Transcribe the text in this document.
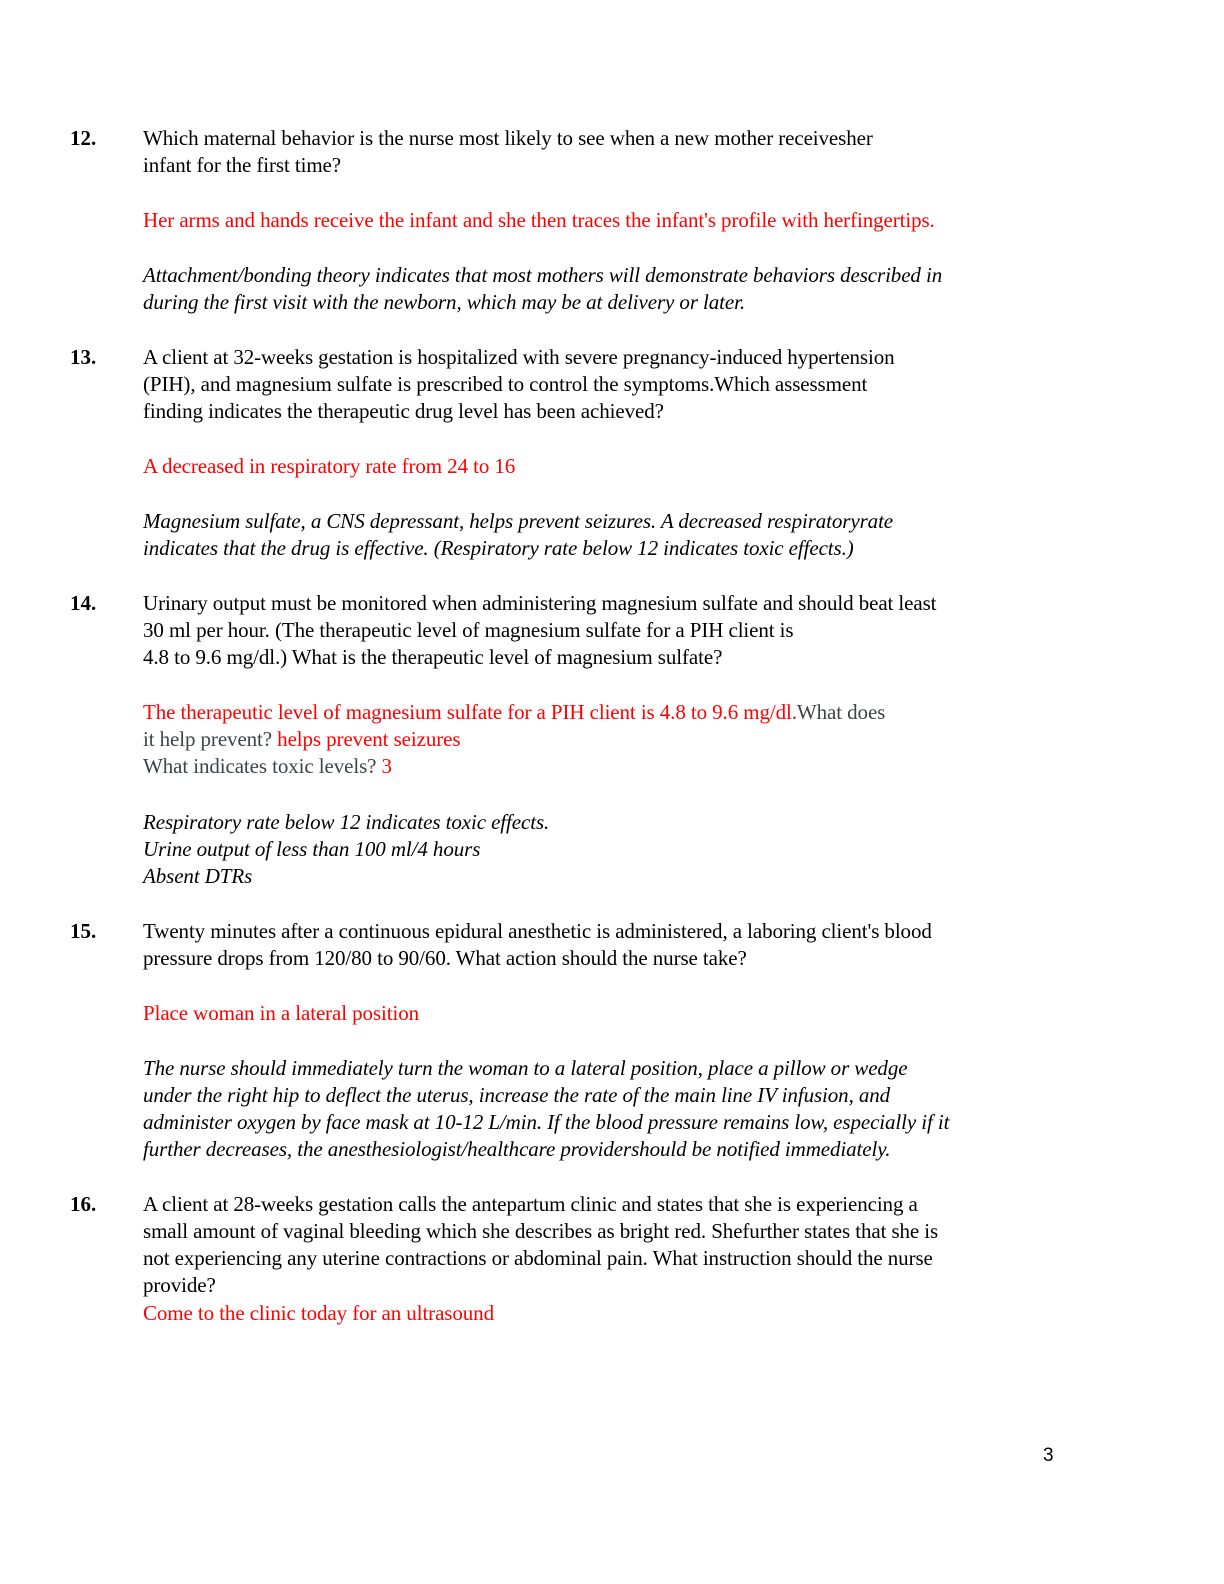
12. Which maternal behavior is the nurse most likely to see when a new mother receivesher
infant for the first time?
Her arms and hands receive the infant and she then traces the infant's profile with herfingertips.
Attachment/bonding theory indicates that most mothers will demonstrate behaviors described in
during the first visit with the newborn, which may be at delivery or later.
13. A client at 32-weeks gestation is hospitalized with severe pregnancy-induced hypertension
(PIH), and magnesium sulfate is prescribed to control the symptoms.Which assessment
finding indicates the therapeutic drug level has been achieved?
A decreased in respiratory rate from 24 to 16
Magnesium sulfate, a CNS depressant, helps prevent seizures. A decreased respiratoryrate
indicates that the drug is effective. (Respiratory rate below 12 indicates toxic effects.)
14. Urinary output must be monitored when administering magnesium sulfate and should beat least
30 ml per hour. (The therapeutic level of magnesium sulfate for a PIH client is
4.8 to 9.6 mg/dl.) What is the therapeutic level of magnesium sulfate?
The therapeutic level of magnesium sulfate for a PIH client is 4.8 to 9.6 mg/dl.What does
it help prevent? helps prevent seizures
What indicates toxic levels? 3
Respiratory rate below 12 indicates toxic effects.
Urine output of less than 100 ml/4 hours
Absent DTRs
15. Twenty minutes after a continuous epidural anesthetic is administered, a laboring client's blood
pressure drops from 120/80 to 90/60. What action should the nurse take?
Place woman in a lateral position
The nurse should immediately turn the woman to a lateral position, place a pillow or wedge
under the right hip to deflect the uterus, increase the rate of the main line IV infusion, and
administer oxygen by face mask at 10-12 L/min. If the blood pressure remains low, especially if it
further decreases, the anesthesiologist/healthcare providershould be notified immediately.
16. A client at 28-weeks gestation calls the antepartum clinic and states that she is experiencing a
small amount of vaginal bleeding which she describes as bright red. Shefurther states that she is
not experiencing any uterine contractions or abdominal pain. What instruction should the nurse
provide?
Come to the clinic today for an ultrasound
3
